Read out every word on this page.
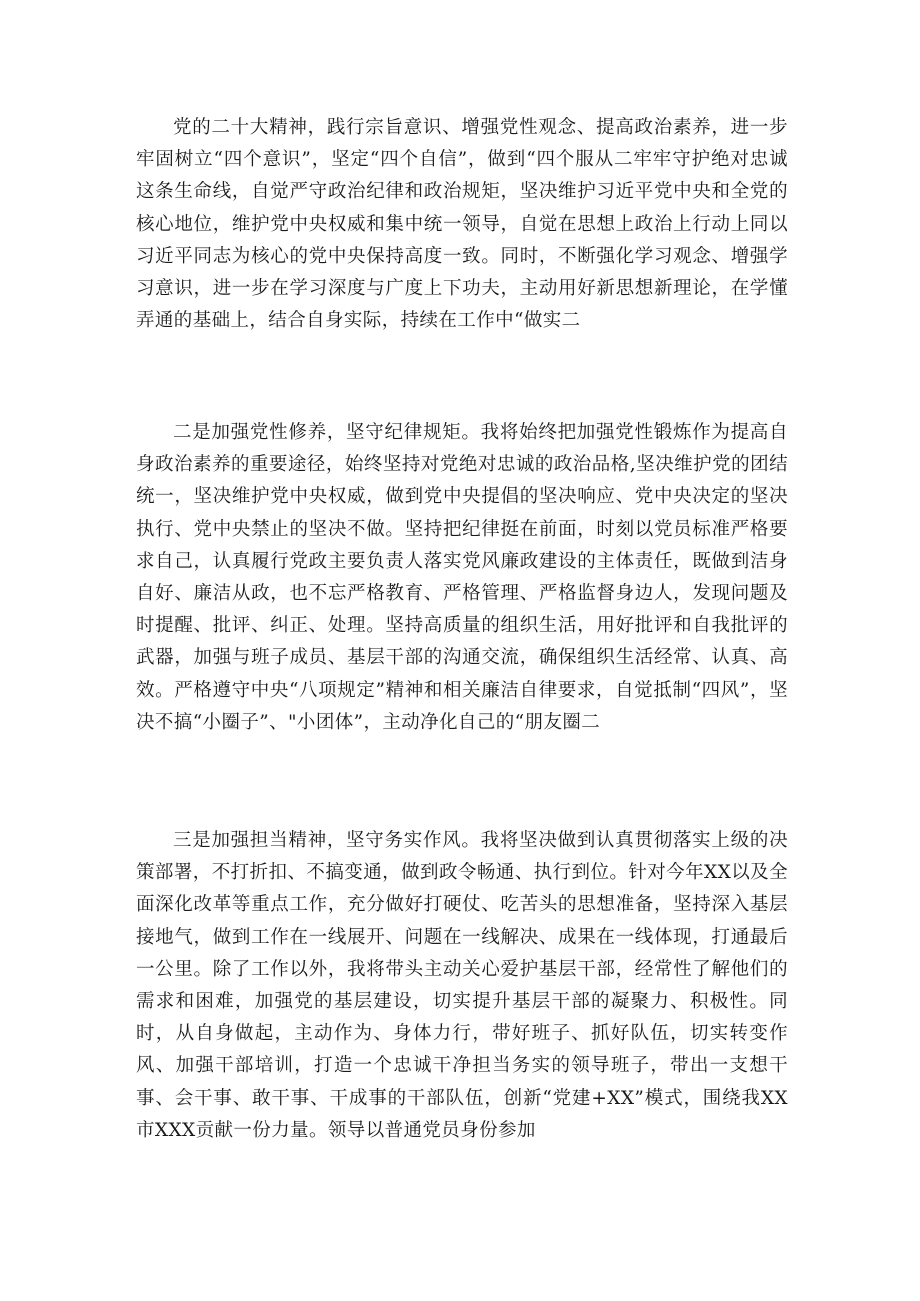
党的二十大精神，践行宗旨意识、增强党性观念、提高政治素养，进一步牢固树立“四个意识”，坚定“四个自信”，做到“四个服从二牢牢守护绝对忠诚这条生命线，自觉严守政治纪律和政治规矩，坚决维护习近平党中央和全党的核心地位，维护党中央权威和集中统一领导，自觉在思想上政治上行动上同以习近平同志为核心的党中央保持高度一致。同时，不断强化学习观念、增强学习意识，进一步在学习深度与广度上下功夫，主动用好新思想新理论，在学懂弄通的基础上，结合自身实际，持续在工作中“做实二

二是加强党性修养，坚守纪律规矩。我将始终把加强党性锻炼作为提高自身政治素养的重要途径，始终坚持对党绝对忠诚的政治品格,坚决维护党的团结统一，坚决维护党中央权威，做到党中央提倡的坚决响应、党中央决定的坚决执行、党中央禁止的坚决不做。坚持把纪律挺在前面，时刻以党员标准严格要求自己，认真履行党政主要负责人落实党风廉政建设的主体责任，既做到洁身自好、廉洁从政，也不忘严格教育、严格管理、严格监督身边人，发现问题及时提醒、批评、纠正、处理。坚持高质量的组织生活，用好批评和自我批评的武器，加强与班子成员、基层干部的沟通交流，确保组织生活经常、认真、高效。严格遵守中央“八项规定”精神和相关廉洁自律要求，自觉抵制“四风”，坚决不搞“小圈子”、"小团体”，主动净化自己的“朋友圈二

三是加强担当精神，坚守务实作风。我将坚决做到认真贯彻落实上级的决策部署，不打折扣、不搞变通，做到政令畅通、执行到位。针对今年XX以及全面深化改革等重点工作，充分做好打硬仗、吃苦头的思想准备，坚持深入基层接地气，做到工作在一线展开、问题在一线解决、成果在一线体现，打通最后一公里。除了工作以外，我将带头主动关心爱护基层干部，经常性了解他们的需求和困难，加强党的基层建设，切实提升基层干部的凝聚力、积极性。同时，从自身做起，主动作为、身体力行，带好班子、抓好队伍，切实转变作风、加强干部培训，打造一个忠诚干净担当务实的领导班子，带出一支想干事、会干事、敢干事、干成事的干部队伍，创新“党建+XX”模式，围绕我XX市XXX贡献一份力量。领导以普通党员身份参加
